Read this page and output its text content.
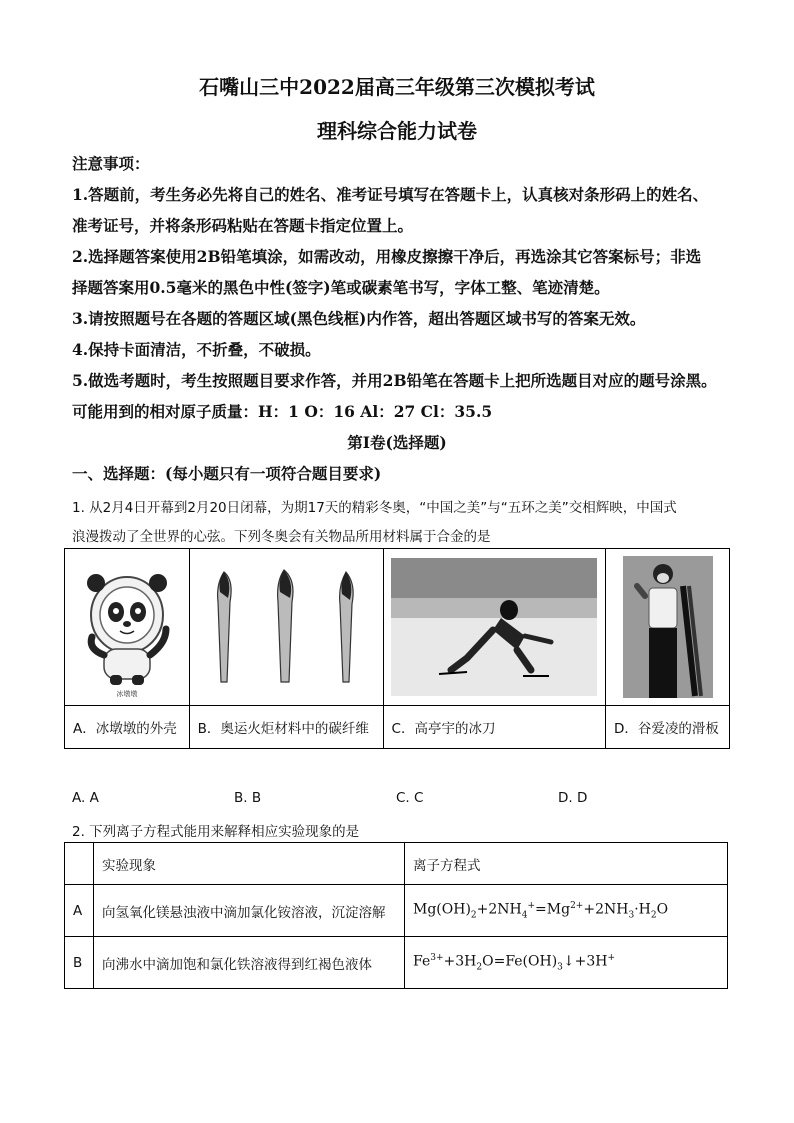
石嘴山三中2022届高三年级第三次模拟考试
理科综合能力试卷
注意事项：
1.答题前，考生务必先将自己的姓名、准考证号填写在答题卡上，认真核对条形码上的姓名、
准考证号，并将条形码粘贴在答题卡指定位置上。
2.选择题答案使用2B铅笔填涂，如需改动，用橡皮擦擦干净后，再选涂其它答案标号；非选
择题答案用0.5毫米的黑色中性(签字)笔或碳素笔书写，字体工整、笔迹清楚。
3.请按照题号在各题的答题区域(黑色线框)内作答，超出答题区域书写的答案无效。
4.保持卡面清洁，不折叠，不破损。
5.做选考题时，考生按照题目要求作答，并用2B铅笔在答题卡上把所选题目对应的题号涂黑。
可能用到的相对原子质量：H：1 O：16 Al：27 Cl：35.5
第Ⅰ卷(选择题)
一、选择题：(每小题只有一项符合题目要求)
1. 从2月4日开幕到2月20日闭幕，为期17天的精彩冬奥，“中国之美”与“五环之美”交相辉映，中国式
浪漫拨动了全世界的心弦。下列冬奥会有关物品所用材料属于合金的是
冰墩墩

A．冰墩墩的外壳	B．奥运火炬材料中的碳纤维	C．高亭宇的冰刀	D．谷爱凌的滑板
A. A	B. B	C. C	D. D
2. 下列离子方程式能用来解释相应实验现象的是
	实验现象	离子方程式
A	向氢氧化镁悬浊液中滴加氯化铵溶液，沉淀溶解	$Mg(OH)_2+2NH_4^+=Mg^{2+}+2NH_3\cdot H_2O$
B	向沸水中滴加饱和氯化铁溶液得到红褐色液体	$Fe^{3+}+3H_2O=Fe(OH)_3↓+3H^+$
